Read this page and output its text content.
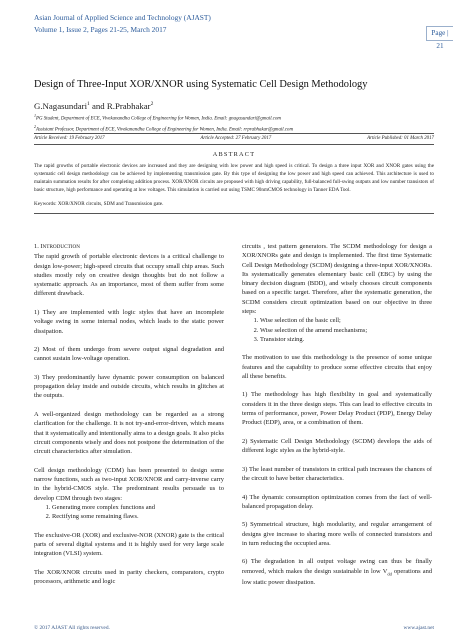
Asian Journal of Applied Science and Technology (AJAST)
Volume 1, Issue 2, Pages 21-25, March 2017	Page | 21
Design of Three-Input XOR/XNOR using Systematic Cell Design Methodology
G.Nagasundari$^1$ and R.Prabhakar$^2$
$^1$PG Student, Department of ECE, Vivekanandha College of Engineering for Women, India. Email: gnagasundari@gmail.com
$^2$Assistant Professor, Department of ECE, Vivekanandha College of Engineering for Women, India. Email: rrprabhakar@gmail.com
Article Received: 19 February 2017	Article Accepted: 27 February 2017	Article Published: 01 March 2017
ABSTRACT
The rapid growths of portable electronic devices are increased and they are designing with low power and high speed is critical. To design a three input XOR and XNOR gates using the systematic cell design methodology can be achieved by implementing transmission gate. By this type of designing the low power and high speed can achieved. This architecture is used to maintain summation results for after completing addition process. XOR/XNOR circuits are proposed with high driving capability, full-balanced full-swing outputs and low number transistors of basic structure, high performance and operating at low voltages. This simulation is carried out using TSMC 90nmCMOS technology in Tanner EDA Tool.
Keywords: XOR/XNOR circuits, SDM and Transmission gate.
1. INTRODUCTION

The rapid growth of portable electronic devices is a critical challenge to design low-power; high-speed circuits that occupy small chip areas. Such studies mostly rely on creative design thoughts but do not follow a systematic approach. As an importance, most of them suffer from some different drawback.

1) They are implemented with logic styles that have an incomplete voltage swing in some internal nodes, which leads to the static power dissipation.

2) Most of them undergo from severe output signal degradation and cannot sustain low-voltage operation.

3) They predominantly have dynamic power consumption on balanced propagation delay inside and outside circuits, which results in glitches at the outputs.

A well-organized design methodology can be regarded as a strong clarification for the challenge. It is not try-and-error-driven, which means that it systematically and intentionally aims to a design goals. It also picks circuit components wisely and does not postpone the determination of the circuit characteristics after simulation.

Cell design methodology (CDM) has been presented to design some narrow functions, such as two-input XOR/XNOR and carry-inverse carry in the hybrid-CMOS style. The predominant results persuade us to develop CDM through two stages:

1. Generating more complex functions and
2. Rectifying some remaining flaws.

The exclusive-OR (XOR) and exclusive-NOR (XNOR) gate is the critical parts of several digital systems and it is highly used for very large scale integration (VLSI) system.

The XOR/XNOR circuits used in parity checkers, comparators, crypto processors, arithmetic and logic

circuits , test pattern generators. The SCDM methodology for design a XOR/XNORs gate and design is implemented. The first time Systematic Cell Design Methodology (SCDM) designing a three-input XOR/XNORs. Its systematically generates elementary basic cell (EBC) by using the binary decision diagram (BDD), and wisely chooses circuit components based on a specific target. Therefore, after the systematic generation, the SCDM considers circuit optimization based on our objective in three steps:

1. Wise selection of the basic cell;
2. Wise selection of the amend mechanisms;
3. Transistor sizing.

The motivation to use this methodology is the presence of some unique features and the capability to produce some effective circuits that enjoy all these benefits.

1) The methodology has high flexibility in goal and systematically considers it in the three design steps. This can lead to effective circuits in terms of performance, power, Power Delay Product (PDP), Energy Delay Product (EDP), area, or a combination of them.

2) Systematic Cell Design Methodology (SCDM) develops the aids of different logic styles as the hybrid-style.

3) The least number of transistors in critical path increases the chances of the circuit to have better characteristics.

4) The dynamic consumption optimization comes from the fact of well-balanced propagation delay.

5) Symmetrical structure, high modularity, and regular arrangement of designs give increase to sharing more wells of connected transistors and in turn reducing the occupied area.

6) The degradation in all output voltage swing can thus be finally removed, which makes the design sustainable in low $V_{dd}$ operations and low static power dissipation.

© 2017 AJAST All rights reserved.	www.ajast.net
